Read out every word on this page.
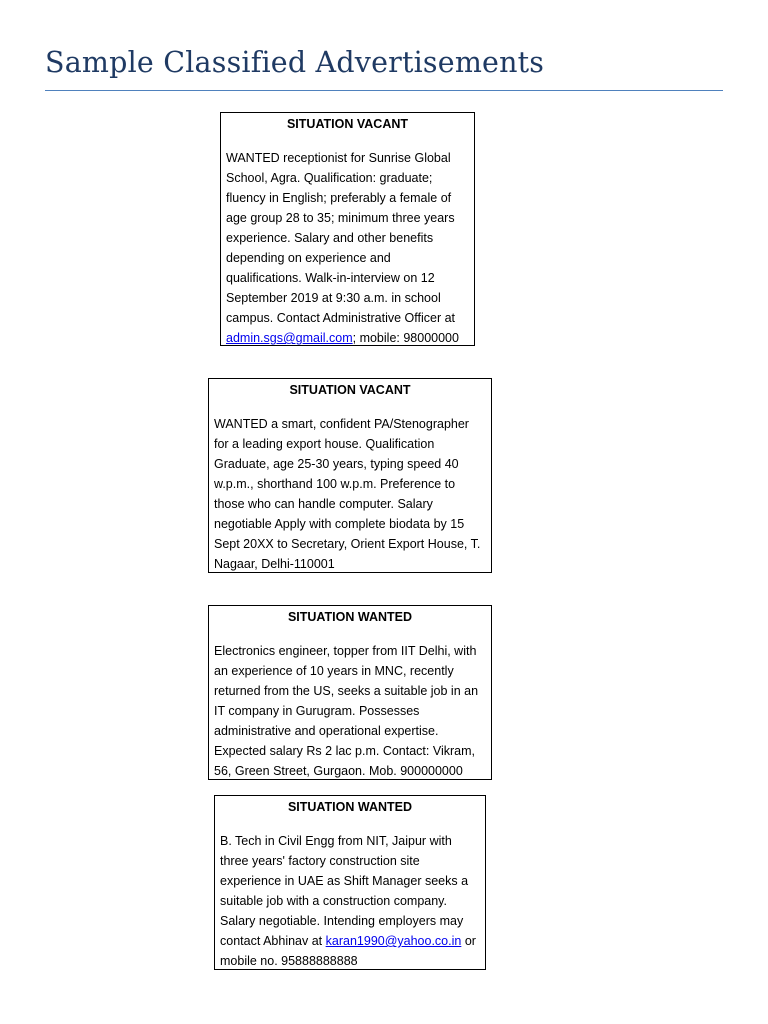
Sample Classified Advertisements
SITUATION VACANT
WANTED receptionist for Sunrise Global School, Agra. Qualification: graduate; fluency in English; preferably a female of age group 28 to 35; minimum three years experience. Salary and other benefits depending on experience and qualifications. Walk-in-interview on 12 September 2019 at 9:30 a.m. in school campus. Contact Administrative Officer at admin.sgs@gmail.com; mobile: 98000000
SITUATION VACANT
WANTED a smart, confident PA/Stenographer for a leading export house. Qualification Graduate, age 25-30 years, typing speed 40 w.p.m., shorthand 100 w.p.m. Preference to those who can handle computer. Salary negotiable Apply with complete biodata by 15 Sept 20XX to Secretary, Orient Export House, T. Nagaar, Delhi-110001
SITUATION WANTED
Electronics engineer, topper from IIT Delhi, with an experience of 10 years in MNC, recently returned from the US, seeks a suitable job in an IT company in Gurugram. Possesses administrative and operational expertise. Expected salary Rs 2 lac p.m. Contact: Vikram, 56, Green Street, Gurgaon. Mob. 900000000
SITUATION WANTED
B. Tech in Civil Engg from NIT, Jaipur with three years' factory construction site experience in UAE as Shift Manager seeks a suitable job with a construction company. Salary negotiable. Intending employers may contact Abhinav at karan1990@yahoo.co.in or mobile no. 95888888888
